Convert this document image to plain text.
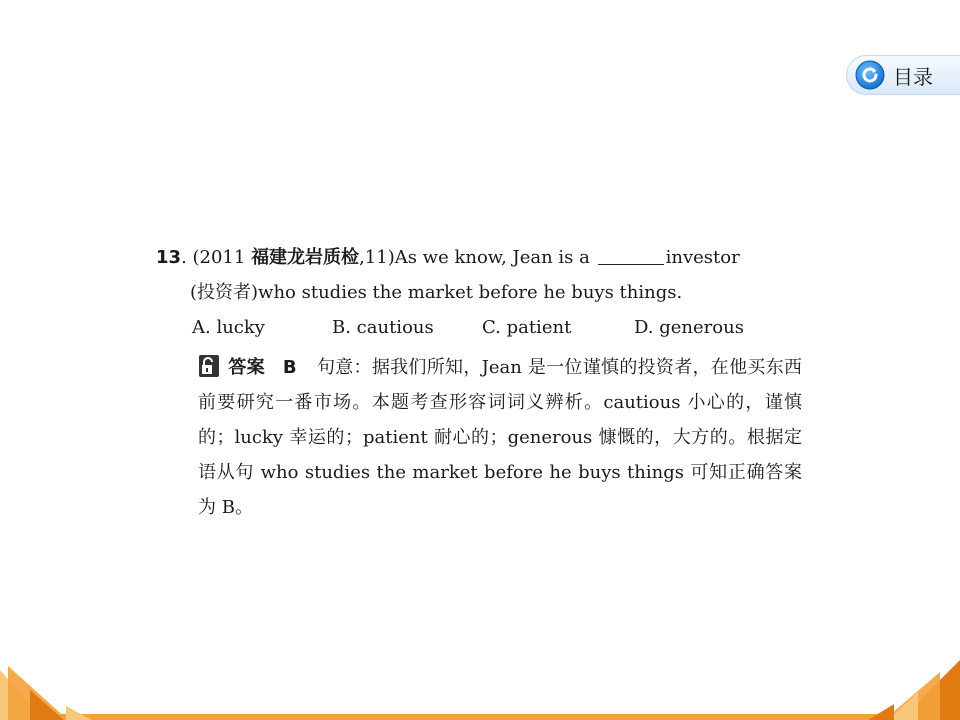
目录
13. (2011 福建龙岩质检,11)As we know, Jean is a	investor
(投资者)who studies the market before he buys things.
A. lucky	B. cautious	C. patient	D. generous
答案 B 句意：据我们所知，Jean 是一位谨慎的投资者，在他买东西前要研究一番市场。本题考查形容词词义辨析。cautious 小心的，谨慎的；lucky 幸运的；patient 耐心的；generous 慷慨的，大方的。根据定语从句 who studies the market before he buys things 可知正确答案为 B。
